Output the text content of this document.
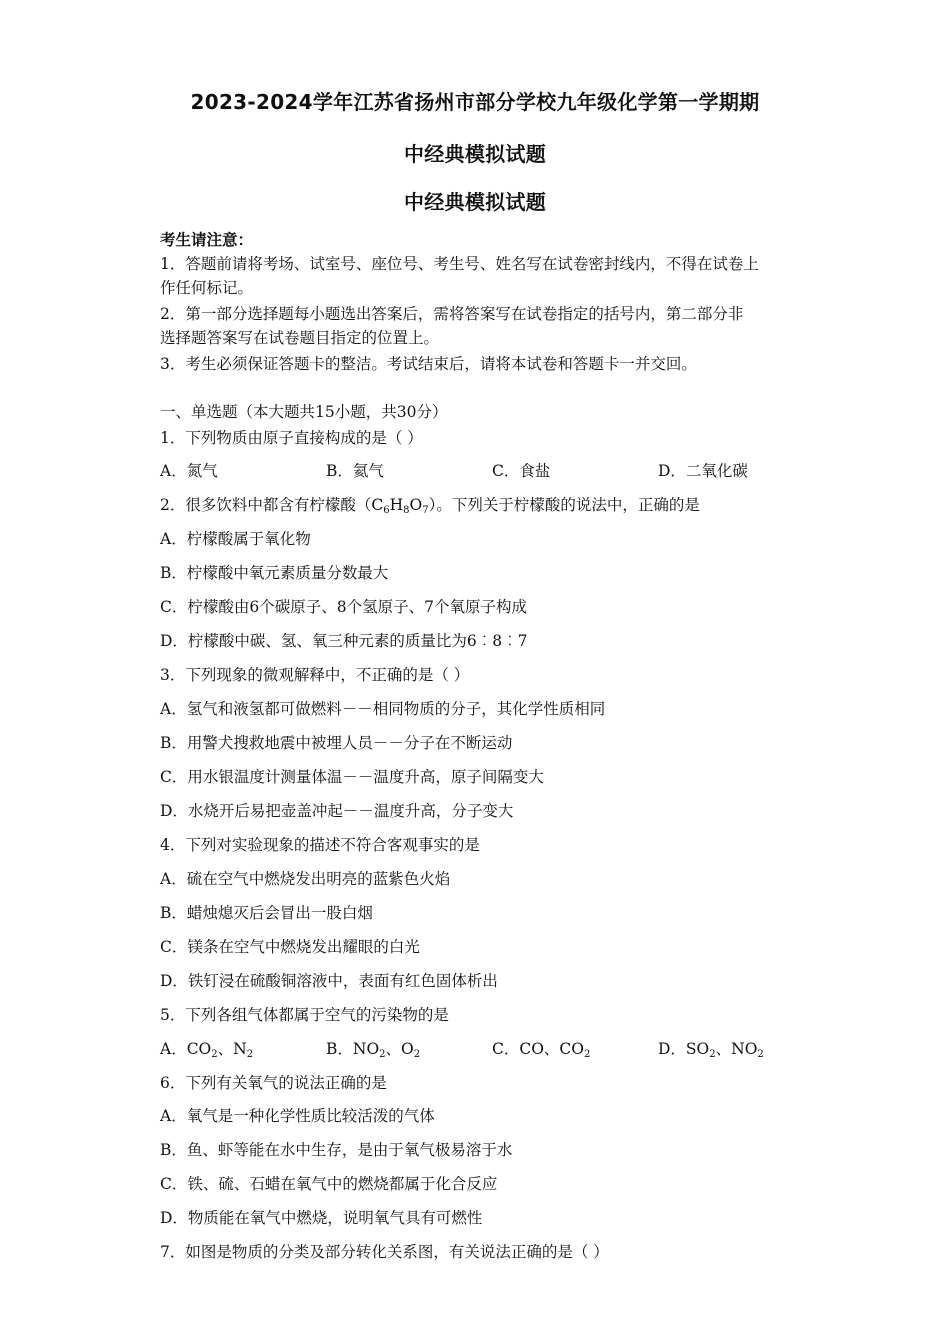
2023-2024学年江苏省扬州市部分学校九年级化学第一学期期
中经典模拟试题
中经典模拟试题
考生请注意：
1．答题前请将考场、试室号、座位号、考生号、姓名写在试卷密封线内，不得在试卷上
作任何标记。
2．第一部分选择题每小题选出答案后，需将答案写在试卷指定的括号内，第二部分非
选择题答案写在试卷题目指定的位置上。
3．考生必须保证答题卡的整洁。考试结束后，请将本试卷和答题卡一并交回。
一、单选题（本大题共15小题，共30分）
1．下列物质由原子直接构成的是（ ）
A．氮气	B．氦气	C．食盐	D．二氧化碳
2．很多饮料中都含有柠檬酸$(C_6H_8O_7)$。下列关于柠檬酸的说法中，正确的是
A．柠檬酸属于氧化物
B．柠檬酸中氧元素质量分数最大
C．柠檬酸由6个碳原子、8个氢原子、7个氧原子构成
D．柠檬酸中碳、氢、氧三种元素的质量比为6︰8︰7
3．下列现象的微观解释中，不正确的是（ ）
A．氢气和液氢都可做燃料－－相同物质的分子，其化学性质相同
B．用警犬搜救地震中被埋人员－－分子在不断运动
C．用水银温度计测量体温－－温度升高，原子间隔变大
D．水烧开后易把壶盖冲起－－温度升高，分子变大
4．下列对实验现象的描述不符合客观事实的是
A．硫在空气中燃烧发出明亮的蓝紫色火焰
B．蜡烛熄灭后会冒出一股白烟
C．镁条在空气中燃烧发出耀眼的白光
D．铁钉浸在硫酸铜溶液中，表面有红色固体析出
5．下列各组气体都属于空气的污染物的是
A．$CO_2$、$N_2$	B．$NO_2$、$O_2$	C．CO、$CO_2$	D．$SO_2$、$NO_2$
6．下列有关氧气的说法正确的是
A．氧气是一种化学性质比较活泼的气体
B．鱼、虾等能在水中生存，是由于氧气极易溶于水
C．铁、硫、石蜡在氧气中的燃烧都属于化合反应
D．物质能在氧气中燃烧，说明氧气具有可燃性
7．如图是物质的分类及部分转化关系图，有关说法正确的是（ ）
